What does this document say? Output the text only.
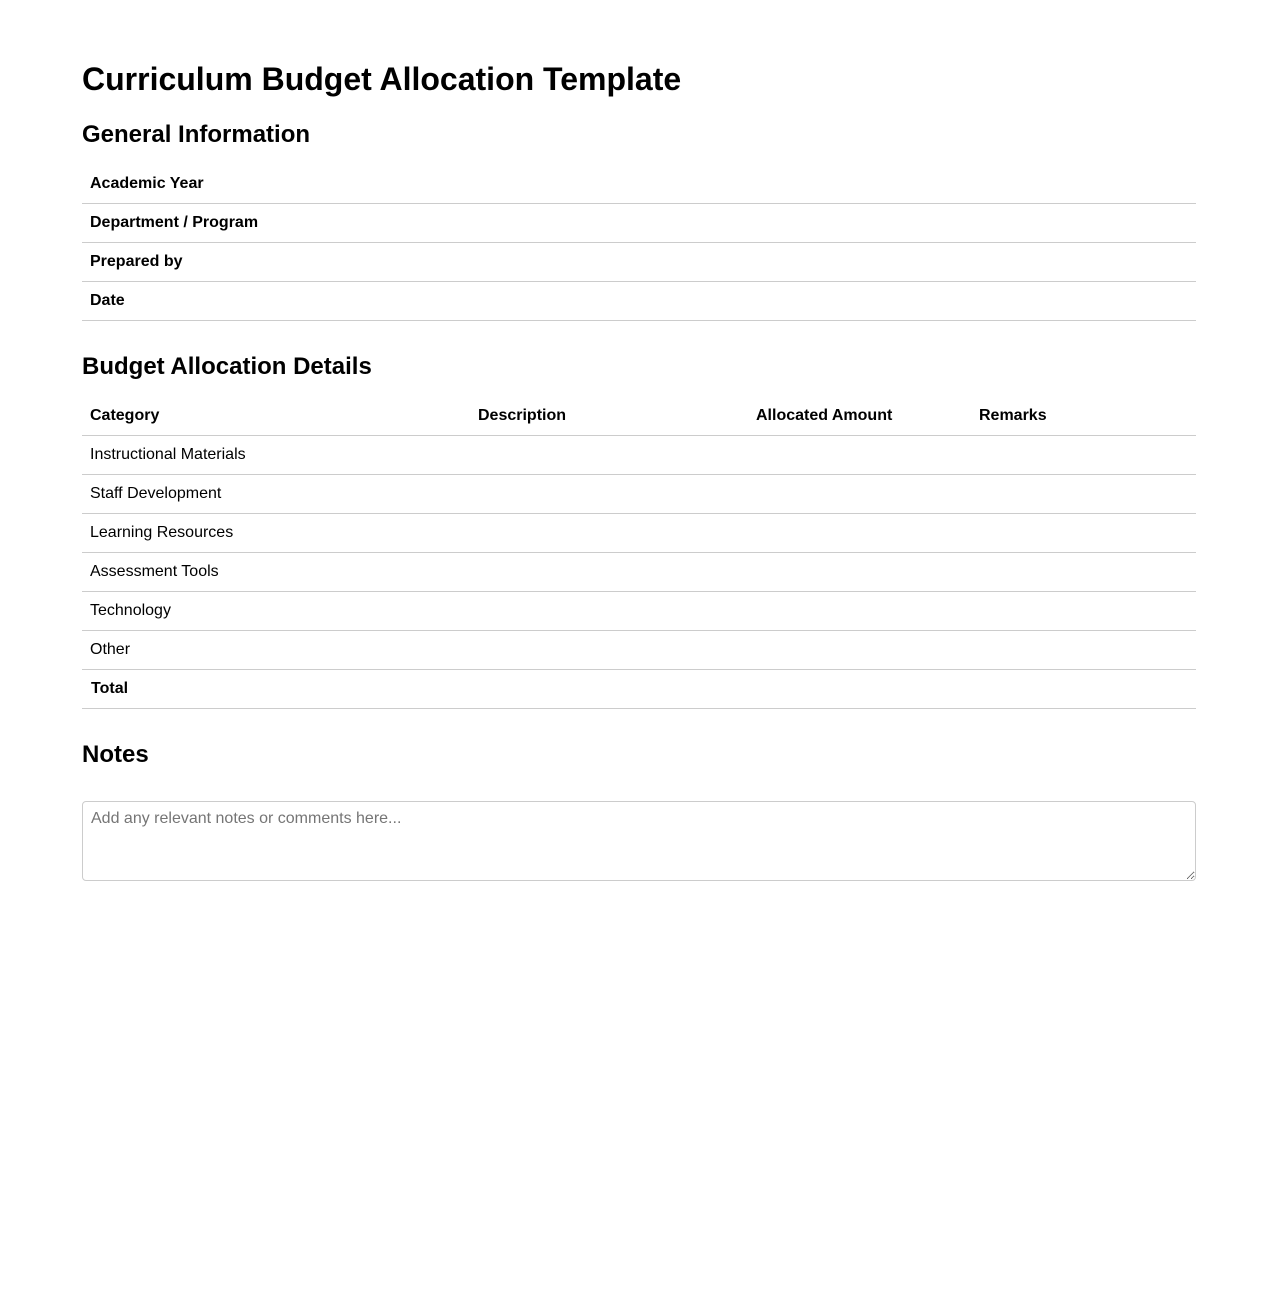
Curriculum Budget Allocation Template
General Information
Academic Year	
Department / Program	
Prepared by	
Date	
Budget Allocation Details
Category	Description	Allocated Amount	Remarks
Instructional Materials			
Staff Development			
Learning Resources			
Assessment Tools			
Technology			
Other			
Total			
Notes
Add any relevant notes or comments here...
